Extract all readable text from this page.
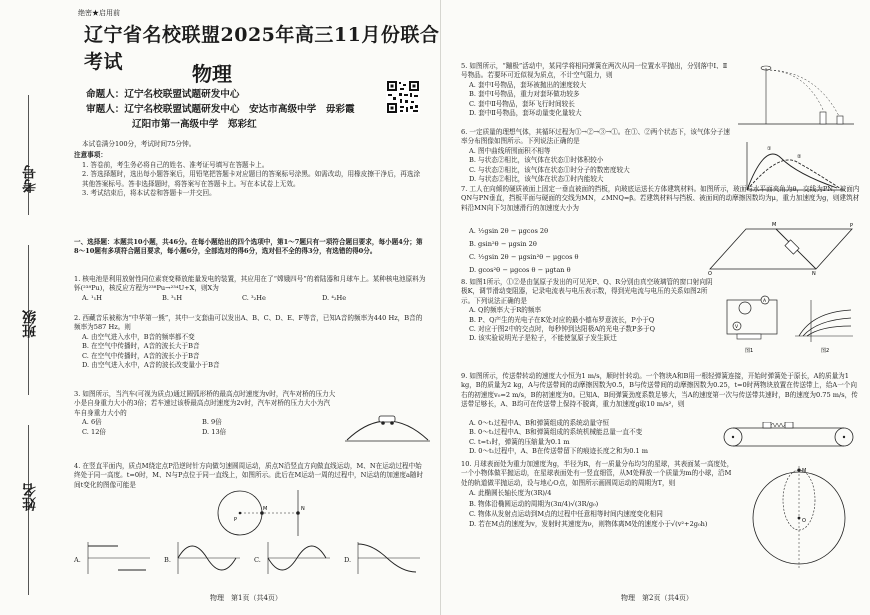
考号
班级
姓名
绝密★启用前
辽宁省名校联盟2025年高三11月份联合考试	物理
命题人：辽宁名校联盟试题研发中心
审题人：辽宁名校联盟试题研发中心　安达市高级中学　毋彩霞
辽阳市第一高级中学　郑彩红
本试卷满分100分，考试时间75分钟。
注意事项：
1. 答卷前，考生务必将自己的姓名、准考证号填写在答题卡上。
2. 答选择题时，选出每小题答案后，用铅笔把答题卡对应题目的答案标号涂黑。如需改动，用橡皮擦干净后，再选涂其他答案标号。答非选择题时，将答案写在答题卡上。写在本试卷上无效。
3. 考试结束后，将本试卷和答题卡一并交回。
一、选择题：本题共10小题，共46分。在每小题给出的四个选项中，第1～7题只有一项符合题目要求，每小题4分；第8～10题有多项符合题目要求，每小题6分，全部选对的得6分，选对但不全的得3分，有选错的得0分。
1. 核电池是利用放射性同位素衰变释放能量发电的装置，其应用在了“嫦娥四号”的着陆器和月球车上。某种核电池原料为钚(²³⁸Pu)，核反应方程为²³⁸Pu→²³⁴U+X，则X为
A. ¹₁H	B. ³₁H	C. ³₂He	D. ⁴₂He
2. 西藏音乐被称为“中华第一熊”，其中一支套曲可以发出A、B、C、D、E、F等音，已知A音的频率为440 Hz，B音的频率为587 Hz。则
A. 由空气进入水中，B音的频率都不变
B. 在空气中传播时，A音的波长大于B音
C. 在空气中传播时，A音的波长小于B音
D. 由空气进入水中，A音的波长改变量小于B音
3. 如图所示，当汽车(可视为质点)通过圆弧形桥的最高点时速度为v时，汽车对桥的压力大小是自身重力大小的3倍；若车速过该桥最高点时速度为2v时，汽车对桥的压力大小为汽车自身重力大小的
A. 6倍	B. 9倍
C. 12倍	D. 13倍
4. 在竖直平面内，质点M绕定点P沿逆时针方向做匀速圆周运动，质点N沿竖直方向做直线运动，M、N在运动过程中始终处于同一高度。t=0时，M、N与P点位于同一直线上，如图所示。此后在M运动一周的过程中，N运动的加速度a随时间t变化的图像可能是
P
M	N
A.	B.	C.	D.
物理　第1页（共4页）
5. 如图所示，“蹦极”活动中，某同学将相同弹簧在两次从同一位置水平抛出，分别落中Ⅰ、Ⅱ号物品。若要环可近似视为质点，不计空气阻力，则
A. 套中Ⅰ号物品，套环被抛出的速度较大
B. 套中Ⅰ号物品，重力对套环做功较多
C. 套中Ⅱ号物品，套环飞行时间较长
D. 套中Ⅱ号物品，套环动量变化量较大
6. 一定质量的理想气体，其循环过程为①→②→③→①。在①、②两个状态下，该气体分子速率分布图像如图所示。下列说法正确的是
A. 图中曲线所围面积不相等
B. 与状态②相比，该气体在状态①时体积较小
C. 与状态②相比，该气体在状态①时分子的数密度较大
D. 与状态②相比，该气体在状态①时内能较大
①
②
7. 工人在向倾的硬质被面上固定一垂直被面的挡板，向玻底运送长方体建筑材料。如图所示，玻面与水平面夹角为θ，交线为PN，被面内QN与PN垂直，挡板平面与硬面的交线为MN，∠MNQ=β。若建筑材料与挡板、被面间的动摩擦因数均为μ，重力加速度为g，则建筑材料沿MN向下匀加速滑行的加速度大小为
A. ½gsin 2θ − μgcos 2θ
B. gsin²θ − μgsin 2θ
C. ½gsin 2θ − μgsin²θ − μgcos θ
D. gcos²θ − μgcos θ − μgtan θ	N
P
M
Q
8. 如图1所示，①②是由氢原子发出的可见光P、Q、R分别由真空玻璃管的窗口射向阴极K，调节滑动变阻器，记录电流表与电压表示数，得到光电流与电压的关系如图2所示。下列说法正确的是
A. Q的频率大于R的频率
B. P、Q产生的光电子在K处对应的最小德布罗意波长，P小于Q
C. 对应于图2中的交点时，每秒钟到达阳极A的光电子数P多于Q
D. 该实验说明光子是粒子，不能使氢原子发生跃迁
V
A
图1	图2
9. 如图所示，传送带转动的速度大小恒为1 m/s，顺时针转动。一个物块A和B用一根轻弹簧连接，开始时弹簧处于原长，A的质量为1 kg，B的质量为2 kg，A与传送带间的动摩擦因数为0.5，B与传送带间的动摩擦因数为0.25，t=0时两物块放置在传送带上，给A一个向右的初速度v₀=2 m/s，B的初速度为0。已知A、B间弹簧劲度系数足够大，当A的速度第一次与传送带共速时，B的速度为0.75 m/s，传送带足够长，A、B均可在传送带上保持不脱离，重力加速度g取10 m/s²，则
A. 0～t₁过程中A、B和弹簧组成的系统动量守恒
B. 0～t₁过程中A、B和弹簧组成的系统机械能总量一直不变
C. t=t₁时，弹簧的压缩量为0.1 m
D. 0～t₁过程中，A、B在传送带留下的痕迹长度之和为0.1 m
10. 月球表面处为重力加速度为g，半径为R，有一质量分布均匀的星球，其表面某一高度处，一个小物体做平抛运动，在星球表面处有一竖直细管，从M处释放一个质量为m的小球，沿M处的轨道做平抛运动，设与地心O点，如图所示画圆周运动的周期为T，则
A. 此椭圆长轴长度为(3R)/4
B. 物体沿椭圆运动的周期为(3π/4)√(3R/g₀)
C. 物体从发射点运动到M点的过程中任意相等时间内速度变化相同
D. 若在M点的速度为v，发射时其速度为ν，则物体离M处的速度小于√(v²+2g₀h)	O
M
物理　第2页（共4页）
